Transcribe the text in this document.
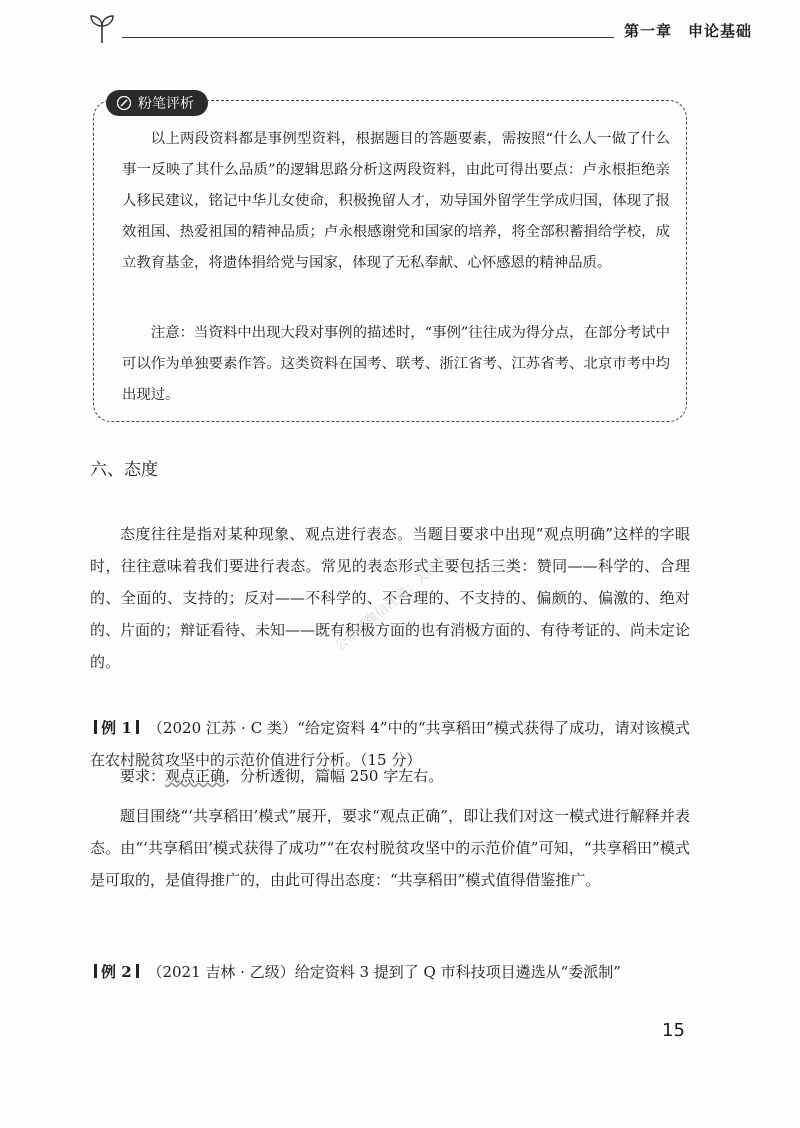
第一章　申论基础
粉笔评析

以上两段资料都是事例型资料，根据题目的答题要素，需按照“什么人一做了什么事一反映了其什么品质”的逻辑思路分析这两段资料，由此可得出要点：卢永根拒绝亲人移民建议，铭记中华儿女使命，积极挽留人才，劝导国外留学生学成归国，体现了报效祖国、热爱祖国的精神品质；卢永根感谢党和国家的培养，将全部积蓄捐给学校，成立教育基金，将遗体捐给党与国家，体现了无私奉献、心怀感恩的精神品质。

注意：当资料中出现大段对事例的描述时，“事例”往往成为得分点，在部分考试中可以作为单独要素作答。这类资料在国考、联考、浙江省考、江苏省考、北京市考中均出现过。

六、态度

态度往往是指对某种现象、观点进行表态。当题目要求中出现“观点明确”这样的字眼时，往往意味着我们要进行表态。常见的表态形式主要包括三类：赞同——科学的、合理的、全面的、支持的；反对——不科学的、不合理的、不支持的、偏颇的、偏激的、绝对的、片面的；辩证看待、未知——既有积极方面的也有消极方面的、有待考证的、尚未定论的。

例 1 （2020 江苏 · C 类）“给定资料 4”中的“共享稻田”模式获得了成功，请对该模式在农村脱贫攻坚中的示范价值进行分析。（15 分）

要求：观点正确，分析透彻，篇幅 250 字左右。

题目围绕“‘共享稻田’模式”展开，要求“观点正确”，即让我们对这一模式进行解释并表态。由“‘共享稻田’模式获得了成功”“在农村脱贫攻坚中的示范价值”可知，“共享稻田”模式是可取的，是值得推广的，由此可得出态度：“共享稻田”模式值得借鉴推广。

例 2 （2021 吉林 · 乙级）给定资料 3 提到了 Q 市科技项目遴选从“委派制”

公众号微信注意：关注上
15
